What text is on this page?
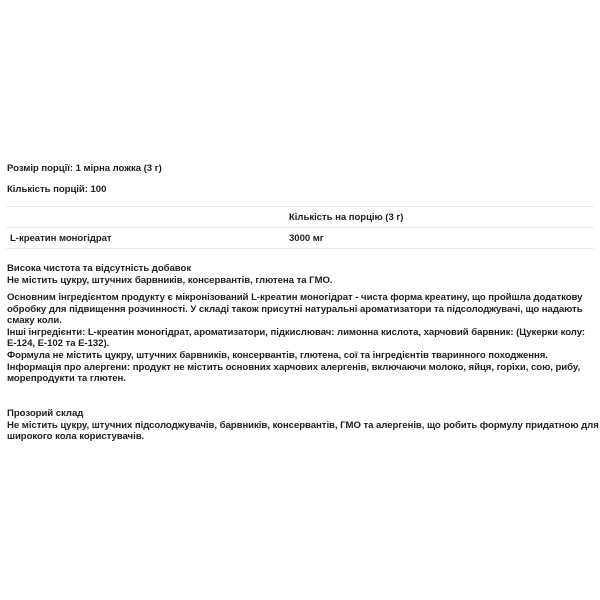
Розмір порції: 1 мірна ложка (3 г)
Кількість порцій: 100
	Кількість на порцію (3 г)
L-креатин моногідрат	3000 мг
Висока чистота та відсутність добавок
Не містить цукру, штучних барвників, консервантів, глютена та ГМО.
Основним інгредієнтом продукту є мікронізований L-креатин моногідрат - чиста форма креатину, що пройшла додаткову
обробку для підвищення розчинності. У складі також присутні натуральні ароматизатори та підсолоджувачі, що надають
смаку коли.
Інші інгредієнти: L-креатин моногідрат, ароматизатори, підкислювач: лимонна кислота, харчовий барвник: (Цукерки колу:
E-124, E-102 та E-132).
Формула не містить цукру, штучних барвників, консервантів, глютена, сої та інгредієнтів тваринного походження.
Інформація про алергени: продукт не містить основних харчових алергенів, включаючи молоко, яйця, горіхи, сою, рибу,
морепродукти та глютен.
Прозорий склад
Не містить цукру, штучних підсолоджувачів, барвників, консервантів, ГМО та алергенів, що робить формулу придатною для
широкого кола користувачів.
